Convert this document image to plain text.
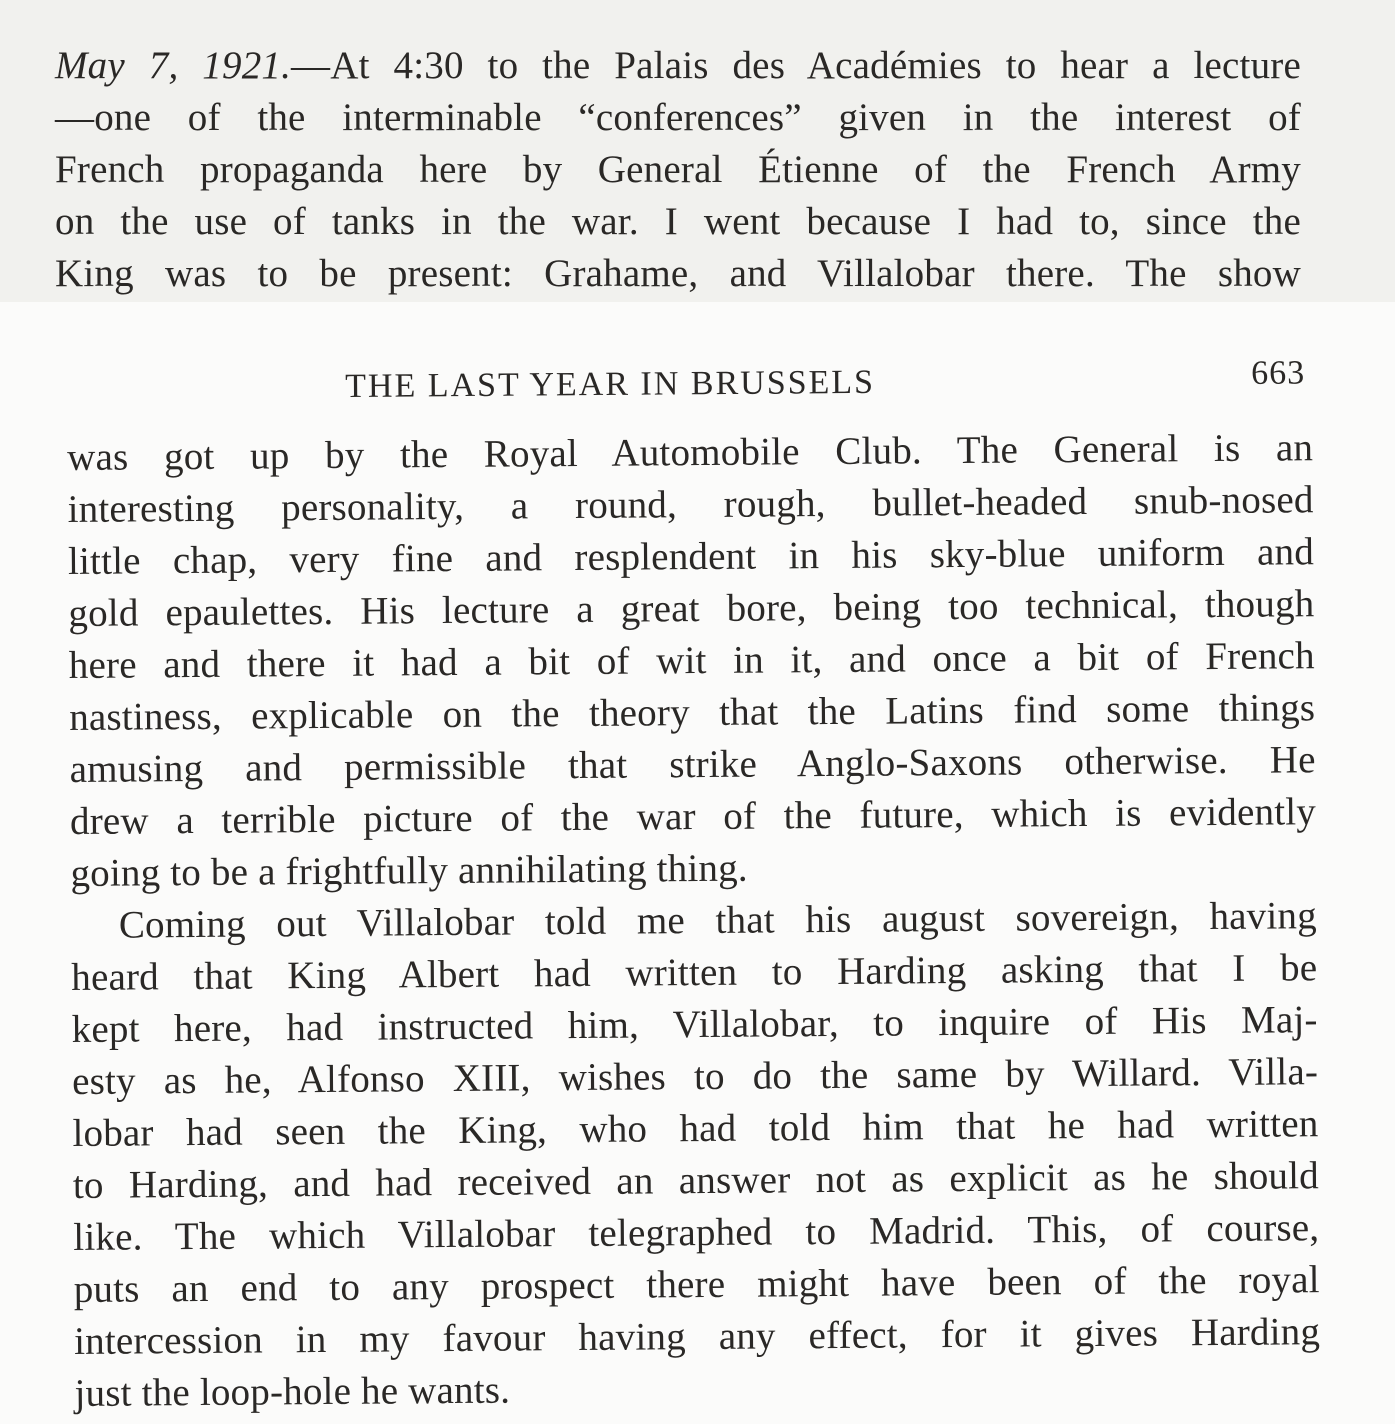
May 7, 1921.—At 4:30 to the Palais des Académies to hear a lecture
—one of the interminable “conferences” given in the interest of
French propaganda here by General Étienne of the French Army
on the use of tanks in the war. I went because I had to, since the
King was to be present: Grahame, and Villalobar there. The show
THE LAST YEAR IN BRUSSELS	663
was got up by the Royal Automobile Club. The General is an
interesting personality, a round, rough, bullet-headed snub-nosed
little chap, very fine and resplendent in his sky-blue uniform and
gold epaulettes. His lecture a great bore, being too technical, though
here and there it had a bit of wit in it, and once a bit of French
nastiness, explicable on the theory that the Latins find some things
amusing and permissible that strike Anglo-Saxons otherwise. He
drew a terrible picture of the war of the future, which is evidently
going to be a frightfully annihilating thing.
Coming out Villalobar told me that his august sovereign, having
heard that King Albert had written to Harding asking that I be
kept here, had instructed him, Villalobar, to inquire of His Maj-
esty as he, Alfonso XIII, wishes to do the same by Willard. Villa-
lobar had seen the King, who had told him that he had written
to Harding, and had received an answer not as explicit as he should
like. The which Villalobar telegraphed to Madrid. This, of course,
puts an end to any prospect there might have been of the royal
intercession in my favour having any effect, for it gives Harding
just the loop-hole he wants.
